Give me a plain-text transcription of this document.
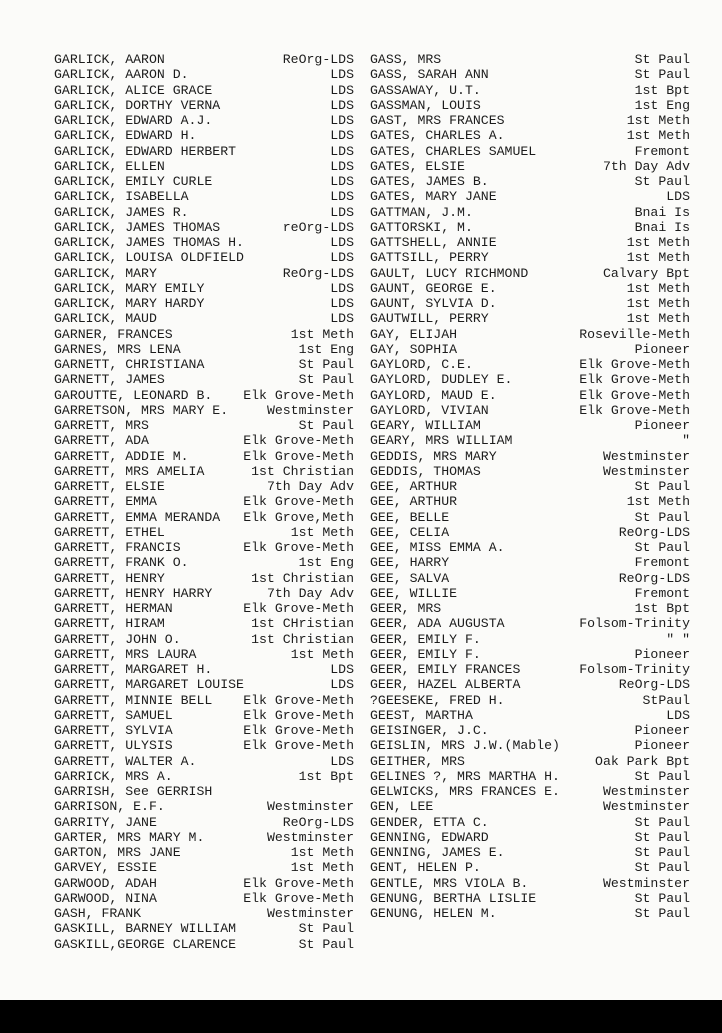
GARLICK, AARON	ReOrg-LDS
GARLICK, AARON D.	LDS
GARLICK, ALICE GRACE	LDS
GARLICK, DORTHY VERNA	LDS
GARLICK, EDWARD A.J.	LDS
GARLICK, EDWARD H.	LDS
GARLICK, EDWARD HERBERT	LDS
GARLICK, ELLEN	LDS
GARLICK, EMILY CURLE	LDS
GARLICK, ISABELLA	LDS
GARLICK, JAMES R.	LDS
GARLICK, JAMES THOMAS	reOrg-LDS
GARLICK, JAMES THOMAS H.	LDS
GARLICK, LOUISA OLDFIELD	LDS
GARLICK, MARY	ReOrg-LDS
GARLICK, MARY EMILY	LDS
GARLICK, MARY HARDY	LDS
GARLICK, MAUD	LDS
GARNER, FRANCES	1st Meth
GARNES, MRS LENA	1st Eng
GARNETT, CHRISTIANA	St Paul
GARNETT, JAMES	St Paul
GAROUTTE, LEONARD B. Elk Grove-Meth
GARRETSON, MRS MARY E.	Westminster
GARRETT, MRS	St Paul
GARRETT, ADA	Elk Grove-Meth
GARRETT, ADDIE M.	Elk Grove-Meth
GARRETT, MRS AMELIA	1st Christian
GARRETT, ELSIE	7th Day Adv
GARRETT, EMMA	Elk Grove-Meth
GARRETT, EMMA MERANDA Elk Grove,Meth
GARRETT, ETHEL	1st Meth
GARRETT, FRANCIS	Elk Grove-Meth
GARRETT, FRANK O.	1st Eng
GARRETT, HENRY	1st Christian
GARRETT, HENRY HARRY	7th Day Adv
GARRETT, HERMAN	Elk Grove-Meth
GARRETT, HIRAM	1st CHristian
GARRETT, JOHN O.	1st Christian
GARRETT, MRS LAURA	1st Meth
GARRETT, MARGARET H.	LDS
GARRETT, MARGARET LOUISE	LDS
GARRETT, MINNIE BELL Elk Grove-Meth
GARRETT, SAMUEL	Elk Grove-Meth
GARRETT, SYLVIA	Elk Grove-Meth
GARRETT, ULYSIS	Elk Grove-Meth
GARRETT, WALTER A.	LDS
GARRICK, MRS A.	1st Bpt
GARRISH, See GERRISH
GARRISON, E.F.	Westminster
GARRITY, JANE	ReOrg-LDS
GARTER, MRS MARY M.	Westminster
GARTON, MRS JANE	1st Meth
GARVEY, ESSIE	1st Meth
GARWOOD, ADAH	Elk Grove-Meth
GARWOOD, NINA	Elk Grove-Meth
GASH, FRANK	Westminster
GASKILL, BARNEY WILLIAM	St Paul
GASKILL,GEORGE CLARENCE	St Paul
GASS, MRS	St Paul
GASS, SARAH ANN	St Paul
GASSAWAY, U.T.	1st Bpt
GASSMAN, LOUIS	1st Eng
GAST, MRS FRANCES	1st Meth
GATES, CHARLES A.	1st Meth
GATES, CHARLES SAMUEL	Fremont
GATES, ELSIE	7th Day Adv
GATES, JAMES B.	St Paul
GATES, MARY JANE	LDS
GATTMAN, J.M.	Bnai Is
GATTORSKI, M.	Bnai Is
GATTSHELL, ANNIE	1st Meth
GATTSILL, PERRY	1st Meth
GAULT, LUCY RICHMOND	Calvary Bpt
GAUNT, GEORGE E.	1st Meth
GAUNT, SYLVIA D.	1st Meth
GAUTWILL, PERRY	1st Meth
GAY, ELIJAH	Roseville-Meth
GAY, SOPHIA	Pioneer
GAYLORD, C.E.	Elk Grove-Meth
GAYLORD, DUDLEY E.	Elk Grove-Meth
GAYLORD, MAUD E.	Elk Grove-Meth
GAYLORD, VIVIAN	Elk Grove-Meth
GEARY, WILLIAM	Pioneer
GEARY, MRS WILLIAM	"
GEDDIS, MRS MARY	Westminster
GEDDIS, THOMAS	Westminster
GEE, ARTHUR	St Paul
GEE, ARTHUR	1st Meth
GEE, BELLE	St Paul
GEE, CELIA	ReOrg-LDS
GEE, MISS EMMA A.	St Paul
GEE, HARRY	Fremont
GEE, SALVA	ReOrg-LDS
GEE, WILLIE	Fremont
GEER, MRS	1st Bpt
GEER, ADA AUGUSTA	Folsom-Trinity
GEER, EMILY F.	" "
GEER, EMILY F.	Pioneer
GEER, EMILY FRANCES	Folsom-Trinity
GEER, HAZEL ALBERTA	ReOrg-LDS
?GEESEKE, FRED H.	StPaul
GEEST, MARTHA	LDS
GEISINGER, J.C.	Pioneer
GEISLIN, MRS J.W.(Mable)	Pioneer
GEITHER, MRS	Oak Park Bpt
GELINES ?, MRS MARTHA H.	St Paul
GELWICKS, MRS FRANCES E.	Westminster
GEN, LEE	Westminster
GENDER, ETTA C.	St Paul
GENNING, EDWARD	St Paul
GENNING, JAMES E.	St Paul
GENT, HELEN P.	St Paul
GENTLE, MRS VIOLA B.	Westminster
GENUNG, BERTHA LISLIE	St Paul
GENUNG, HELEN M.	St Paul
